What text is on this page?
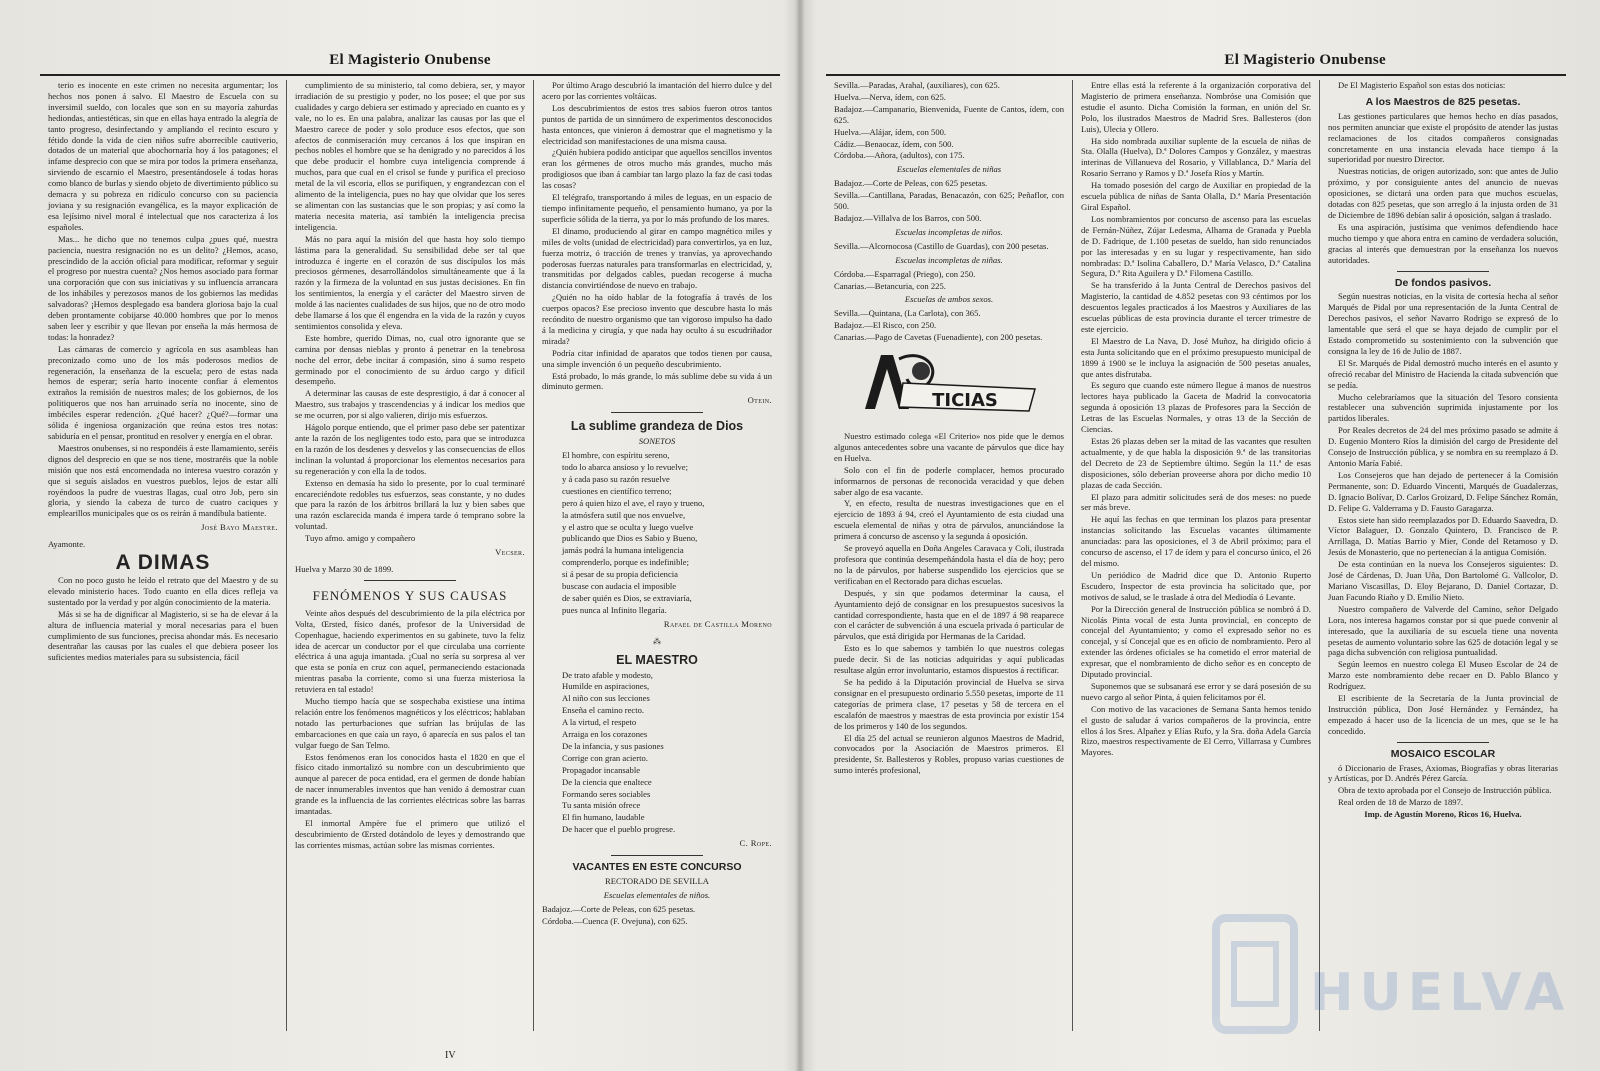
El Magisterio Onubense

terio es inocente en este crimen no necesita argumentar; los hechos nos ponen á salvo. El Maestro de Escuela con su inversimil sueldo, con locales que son en su mayoría zahurdas hediondas, antiestéticas, sin que en ellas haya entrado la alegría de tanto progreso, desinfectando y ampliando el recinto escuro y fétido donde la vida de cien niños sufre aborrecible cautiverio, dotados de un material que abochornaría hoy á los patagones; el infame desprecio con que se mira por todos la primera enseñanza, sirviendo de escarnio el Maestro, presentándosele á todas horas como blanco de burlas y siendo objeto de divertimiento público su demacra y su pobreza en ridículo concurso con su paciencia joviana y su resignación evangélica, es la mayor explicación de esa lejísimo nivel moral é intelectual que nos caracteriza á los españoles.

Mas... he dicho que no tenemos culpa ¿pues qué, nuestra paciencia, nuestra resignación no es un delito? ¿Hemos, acaso, prescindido de la acción oficial para modificar, reformar y seguir el progreso por nuestra cuenta? ¿Nos hemos asociado para formar una corporación que con sus iniciativas y su influencia arrancara de los inhábiles y perezosos manos de los gobiernos las medidas salvadoras? ¡Hemos desplegado esa bandera gloriosa bajo la cual deben prontamente cobijarse 40.000 hombres que por lo menos saben leer y escribir y que llevan por enseña la más hermosa de todas: la honradez?

Las cámaras de comercio y agrícola en sus asambleas han preconizado como uno de los más poderosos medios de regeneración, la enseñanza de la escuela; pero de estas nada hemos de esperar; sería harto inocente confiar á elementos extraños la remisión de nuestros males; de los gobiernos, de los politiqueros que nos han arruinado sería no inocente, sino de imbéciles esperar redención. ¿Qué hacer? ¿Qué?—formar una sólida é ingeniosa organización que reúna estos tres notas: sabiduría en el pensar, prontitud en resolver y energía en el obrar.

Maestros onubenses, si no respondéis á este llamamiento, seréis dignos del desprecio en que se nos tiene, mostraréis que la noble misión que nos está encomendada no interesa vuestro corazón y que si seguís aislados en vuestros pueblos, lejos de estar allí royéndoos la pudre de vuestras llagas, cual otro Job, pero sin gloria, y siendo la cabeza de turco de cuatro caciques y emplearillos municipales que os os reirán á mandíbula batiente.

José Bayo Maestre.

Ayamonte.

A DIMAS

Con no poco gusto he leído el retrato que del Maestro y de su elevado ministerio haces. Todo cuanto en ella dices refleja va sustentado por la verdad y por algún conocimiento de la materia.

Más si se ha de dignificar al Magisterio, si se ha de elevar á la altura de influencia material y moral necesarias para el buen cumplimiento de sus funciones, precisa ahondar más. Es necesario desentrañar las causas por las cuales el que debiera poseer los suficientes medios materiales para su subsistencia, fácil

cumplimiento de su ministerio, tal como debiera, ser, y mayor irradiación de su prestigio y poder, no los posee; el que por sus cualidades y cargo debiera ser estimado y apreciado en cuanto es y vale, no lo es. En una palabra, analizar las causas por las que el Maestro carece de poder y solo produce esos efectos, que son afectos de conmiseración muy cercanos á los que inspiran en pechos nobles el hombre que se ha denigrado y no parecidos á los que debe producir el hombre cuya inteligencia comprende á muchos, para que cual en el crisol se funde y purifica el precioso metal de la vil escoria, ellos se purifiquen, y engrandezcan con el alimento de la inteligencia, pues no hay que olvidar que los seres se alimentan con las sustancias que le son propias; y así como la materia necesita materia, así también la inteligencia precisa inteligencia.

Más no para aquí la misión del que hasta hoy solo tiempo lástima para la generalidad. Su sensibilidad debe ser tal que introduzca é ingerte en el corazón de sus discípulos los más preciosos gérmenes, desarrollándolos simultáneamente que á la razón y la firmeza de la voluntad en sus justas decisiones. En fin los sentimientos, la energía y el carácter del Maestro sirven de molde á las nacientes cualidades de sus hijos, que no de otro modo debe llamarse á los que él engendra en la vida de la razón y cuyos sentimientos consolida y eleva.

Este hombre, querido Dimas, no, cual otro ignorante que se camina por densas nieblas y pronto á penetrar en la tenebrosa noche del error, debe incitar á compasión, sino á sumo respeto germinado por el conocimiento de su árduo cargo y difícil desempeño.

A determinar las causas de este desprestigio, á dar á conocer al Maestro, sus trabajos y trascendencias y á indicar los medios que se me ocurren, por si algo valieren, dirijo mis esfuerzos.

Hágolo porque entiendo, que el primer paso debe ser patentizar ante la razón de los negligentes todo esto, para que se introduzca en la razón de los desdenes y desvelos y las consecuencias de ellos inclinan la voluntad á proporcionar los elementos necesarios para su regeneración y con ella la de todos.

Extenso en demasía ha sido lo presente, por lo cual terminaré encareciéndote redobles tus esfuerzos, seas constante, y no dudes que para la razón de los árbitros brillará la luz y bien sabes que una razón esclarecida manda é impera tarde ó temprano sobre la voluntad.

Tuyo afmo. amigo y compañero

Vecser.

Huelva y Marzo 30 de 1899.

FENÓMENOS Y SUS CAUSAS

Veinte años después del descubrimiento de la pila eléctrica por Volta, Œrsted, físico danés, profesor de la Universidad de Copenhague, haciendo experimentos en su gabinete, tuvo la feliz idea de acercar un conductor por el que circulaba una corriente eléctrica á una aguja imantada. ¡Cual no sería su sorpresa al ver que esta se ponía en cruz con aquel, permaneciendo estacionada mientras pasaba la corriente, como si una fuerza misteriosa la retuviera en tal estado!

Mucho tiempo hacía que se sospechaba existiese una íntima relación entre los fenómenos magnéticos y los eléctricos; hablaban notado las perturbaciones que sufrían las brújulas de las embarcaciones en que caía un rayo, ó aparecía en sus palos el tan vulgar fuego de San Telmo.

Estos fenómenos eran los conocidos hasta el 1820 en que el físico citado inmortalizó su nombre con un descubrimiento que aunque al parecer de poca entidad, era el germen de donde habían de nacer innumerables inventos que han venido á demostrar cuan grande es la influencia de las corrientes eléctricas sobre las barras imantadas.

El inmortal Ampère fue el primero que utilizó el descubrimiento de Œrsted dotándolo de leyes y demostrando que las corrientes mismas, actúan sobre las mismas corrientes.

Por último Arago descubrió la imantación del hierro dulce y del acero por las corrientes voltáicas.

Los descubrimientos de estos tres sabios fueron otros tantos puntos de partida de un sinnúmero de experimentos desconocidos hasta entonces, que vinieron á demostrar que el magnetismo y la electricidad son manifestaciones de una misma causa.

¿Quién hubiera podido anticipar que aquellos sencillos inventos eran los gérmenes de otros mucho más grandes, mucho más prodigiosos que iban á cambiar tan largo plazo la faz de casi todas las cosas?

El telégrafo, transportando á miles de leguas, en un espacio de tiempo infinitamente pequeño, el pensamiento humano, ya por la superficie sólida de la tierra, ya por lo más profundo de los mares.

El dinamo, produciendo al girar en campo magnético miles y miles de volts (unidad de electricidad) para convertirlos, ya en luz, fuerza motriz, ó tracción de trenes y tranvías, ya aprovechando poderosas fuerzas naturales para transformarlas en electricidad, y, transmitidas por delgados cables, puedan recogerse á mucha distancia convirtiéndose de nuevo en trabajo.

¿Quién no ha oído hablar de la fotografía á través de los cuerpos opacos? Ese precioso invento que descubre hasta lo más recóndito de nuestro organismo que tan vigoroso impulso ha dado á la medicina y cirugía, y que nada hay oculto á su escudriñador mirada?

Podría citar infinidad de aparatos que todos tienen por causa, una simple invención ó un pequeño descubrimiento.

Está probado, lo más grande, lo más sublime debe su vida á un diminuto germen.

Otein.
La sublime grandeza de Dios
SONETOS

El hombre, con espíritu sereno,

todo lo abarca ansioso y lo revuelve;

y á cada paso su razón resuelve

cuestiones en científico terreno;

pero á quien hizo el ave, el rayo y trueno,

la atmósfera sutil que nos envuelve,

y el astro que se oculta y luego vuelve

publicando que Dios es Sabio y Bueno,

jamás podrá la humana inteligencia

comprenderlo, porque es indefinible;

si á pesar de su propia deficiencia

buscase con audacia el imposible

de saber quién es Dios, se extraviaría,

pues nunca al Infinito llegaría.

Rafael de Castilla Moreno
⁂
EL MAESTRO

De trato afable y modesto,

Humilde en aspiraciones,

Al niño con sus lecciones

Enseña el camino recto.

A la virtud, el respeto

Arraiga en los corazones

De la infancia, y sus pasiones

Corrige con gran acierto.

Propagador incansable

De la ciencia que enaltece

Formando seres sociables

Tu santa misión ofrece

El fin humano, laudable

De hacer que el pueblo progrese.

C. Rope.
VACANTES EN ESTE CONCURSO
RECTORADO DE SEVILLA
Escuelas elementales de niños.

Badajoz.—Corte de Peleas, con 625 pesetas.

Córdoba.—Cuenca (F. Ovejuna), con 625.

IV
El Magisterio Onubense

Sevilla.—Paradas, Arahal, (auxiliares), con 625.

Huelva.—Nerva, ídem, con 625.

Badajoz.—Campanario, Bienvenida, Fuente de Cantos, ídem, con 625.

Huelva.—Alájar, ídem, con 500.

Cádiz.—Benaocaz, ídem, con 500.

Córdoba.—Añora, (adultos), con 175.

Escuelas elementales de niñas

Badajoz.—Corte de Peleas, con 625 pesetas.

Sevilla.—Cantillana, Paradas, Benacazón, con 625; Peñaflor, con 500.

Badajoz.—Villalva de los Barros, con 500.

Escuelas incompletas de niños.

Sevilla.—Alcornocosa (Castillo de Guardas), con 200 pesetas.

Escuelas incompletas de niñas.

Córdoba.—Esparragal (Priego), con 250.

Canarias.—Betancuria, con 225.

Escuelas de ambos sexos.

Sevilla.—Quintana, (La Carlota), con 365.

Badajoz.—El Risco, con 250.

Canarias.—Pago de Cavetas (Fuenadiente), con 200 pesetas.

TICIAS

Nuestro estimado colega «El Criterio» nos pide que le demos algunos antecedentes sobre una vacante de párvulos que dice hay en Huelva.

Solo con el fin de poderle complacer, hemos procurado informarnos de personas de reconocida veracidad y que deben saber algo de esa vacante.

Y, en efecto, resulta de nuestras investigaciones que en el ejercicio de 1893 á 94, creó el Ayuntamiento de esta ciudad una escuela elemental de niñas y otra de párvulos, anunciándose la primera á concurso de ascenso y la segunda á oposición.

Se proveyó aquella en Doña Angeles Caravaca y Coli, ilustrada profesora que continúa desempeñándola hasta el día de hoy; pero no la de párvulos, por haberse suspendido los ejercicios que se verificaban en el Rectorado para dichas escuelas.

Después, y sin que podamos determinar la causa, el Ayuntamiento dejó de consignar en los presupuestos sucesivos la cantidad correspondiente, hasta que en el de 1897 á 98 reaparece con el carácter de subvención á una escuela privada ó particular de párvulos, que está dirigida por Hermanas de la Caridad.

Esto es lo que sabemos y también lo que nuestros colegas puede decir. Si de las noticias adquiridas y aquí publicadas resultase algún error involuntario, estamos dispuestos á rectificar.

Se ha pedido á la Diputación provincial de Huelva se sirva consignar en el presupuesto ordinario 5.550 pesetas, importe de 11 categorías de primera clase, 17 pesetas y 58 de tercera en el escalafón de maestros y maestras de esta provincia por existir 154 de los primeros y 140 de los segundos.

El día 25 del actual se reunieron algunos Maestros de Madrid, convocados por la Asociación de Maestros primeros. El presidente, Sr. Ballesteros y Robles, propuso varias cuestiones de sumo interés profesional,

Entre ellas está la referente á la organización corporativa del Magisterio de primera enseñanza. Nombróse una Comisión que estudie el asunto. Dicha Comisión la forman, en unión del Sr. Polo, los ilustrados Maestros de Madrid Sres. Ballesteros (don Luis), Ulecia y Ollero.

Ha sido nombrada auxiliar suplente de la escuela de niñas de Sta. Olalla (Huelva), D.ª Dolores Campos y González, y maestras interinas de Villanueva del Rosario, y Villablanca, D.ª María del Rosario Serrano y Ramos y D.ª Josefa Ríos y Martín.

Ha tomado posesión del cargo de Auxiliar en propiedad de la escuela pública de niñas de Santa Olalla, D.ª María Presentación Giral Español.

Los nombramientos por concurso de ascenso para las escuelas de Fernán-Núñez, Zújar Ledesma, Alhama de Granada y Puebla de D. Fadrique, de 1.100 pesetas de sueldo, han sido renunciados por las interesadas y en su lugar y respectivamente, han sido nombradas: D.ª Isolina Caballero, D.ª María Velasco, D.ª Catalina Segura, D.ª Rita Aguilera y D.ª Filomena Castillo.

Se ha transferido á la Junta Central de Derechos pasivos del Magisterio, la cantidad de 4.852 pesetas con 93 céntimos por los descuentos legales practicados á los Maestros y Auxiliares de las escuelas públicas de esta provincia durante el tercer trimestre de este ejercicio.

El Maestro de La Nava, D. José Muñoz, ha dirigido oficio á esta Junta solicitando que en el próximo presupuesto municipal de 1899 á 1900 se le incluya la asignación de 500 pesetas anuales, que antes disfrutaba.

Es seguro que cuando este número llegue á manos de nuestros lectores haya publicado la Gaceta de Madrid la convocatoria segunda á oposición 13 plazas de Profesores para la Sección de Letras de las Escuelas Normales, y otras 13 de la Sección de Ciencias.

Estas 26 plazas deben ser la mitad de las vacantes que resulten actualmente, y de que habla la disposición 9.ª de las transitorias del Decreto de 23 de Septiembre último. Según la 11.ª de esas disposiciones, sólo deberían proveerse ahora por dicho medio 10 plazas de cada Sección.

El plazo para admitir solicitudes será de dos meses: no puede ser más breve.

He aquí las fechas en que terminan los plazos para presentar instancias solicitando las Escuelas vacantes últimamente anunciadas: para las oposiciones, el 3 de Abril próximo; para el concurso de ascenso, el 17 de ídem y para el concurso único, el 26 del mismo.

Un periódico de Madrid dice que D. Antonio Ruperto Escudero, Inspector de esta provincia ha solicitado que, por motivos de salud, se le traslade á otra del Mediodía ó Levante.

Por la Dirección general de Instrucción pública se nombró á D. Nicolás Pinta vocal de esta Junta provincial, en concepto de concejal del Ayuntamiento; y como el expresado señor no es concejal, y sí Concejal que es en oficio de nombramiento. Pero al extender las órdenes oficiales se ha cometido el error material de expresar, que el nombramiento de dicho señor es en concepto de Diputado provincial.

Suponemos que se subsanará ese error y se dará posesión de su nuevo cargo al señor Pinta, á quien felicitamos por él.

Con motivo de las vacaciones de Semana Santa hemos tenido el gusto de saludar á varios compañeros de la provincia, entre ellos á los Sres. Alpañez y Elías Rufo, y la Sra. doña Adela García Rizo, maestros respectivamente de El Cerro, Villarrasa y Cumbres Mayores.

De El Magisterio Español son estas dos noticias:

A los Maestros de 825 pesetas.

Las gestiones particulares que hemos hecho en días pasados, nos permiten anunciar que existe el propósito de atender las justas reclamaciones de los citados compañeros consignadas concretamente en una instancia elevada hace tiempo á la superioridad por nuestro Director.

Nuestras noticias, de origen autorizado, son: que antes de Julio próximo, y por consiguiente antes del anuncio de nuevas oposiciones, se dictará una orden para que muchos escuelas, dotadas con 825 pesetas, que son arreglo á la injusta orden de 31 de Diciembre de 1896 debían salir á oposición, salgan á traslado.

Es una aspiración, justísima que venimos defendiendo hace mucho tiempo y que ahora entra en camino de verdadera solución, gracias al interés que demuestran por la enseñanza los nuevos autoridades.

De fondos pasivos.

Según nuestras noticias, en la visita de cortesía hecha al señor Marqués de Pidal por una representación de la Junta Central de Derechos pasivos, el señor Navarro Rodrigo se expresó de lo lamentable que será el que se haya dejado de cumplir por el Estado comprometido su sostenimiento con la subvención que consigna la ley de 16 de Julio de 1887.

El Sr. Marqués de Pidal demostró mucho interés en el asunto y ofreció recabar del Ministro de Hacienda la citada subvención que se pedía.

Mucho celebraríamos que la situación del Tesoro consienta restablecer una subvención suprimida injustamente por los partidos liberales.

Por Reales decretos de 24 del mes próximo pasado se admite á D. Eugenio Montero Ríos la dimisión del cargo de Presidente del Consejo de Instrucción pública, y se nombra en su reemplazo á D. Antonio María Fabié.

Los Consejeros que han dejado de pertenecer á la Comisión Permanente, son: D. Eduardo Vincenti, Marqués de Guadalerzas, D. Ignacio Bolívar, D. Carlos Groizard, D. Felipe Sánchez Román, D. Felipe G. Valderrama y D. Fausto Garagarza.

Estos siete han sido reemplazados por D. Eduardo Saavedra, D. Víctor Balaguer, D. Gonzalo Quintero, D. Francisco de P. Arrillaga, D. Matías Barrio y Mier, Conde del Retamoso y D. Jesús de Monasterio, que no pertenecían á la antigua Comisión.

De esta continúan en la nueva los Consejeros siguientes: D. José de Cárdenas, D. Juan Uña, Don Bartolomé G. Vallcolor, D. Mariano Viscasillas, D. Eloy Bejarano, D. Daniel Cortazar, D. Juan Facundo Riaño y D. Emilio Nieto.

Nuestro compañero de Valverde del Camino, señor Delgado Lora, nos interesa hagamos constar por si que puede convenir al interesado, que la auxiliaría de su escuela tiene una noventa pesetas de aumento voluntario sobre las 625 de dotación legal y se paga dicha subvención con religiosa puntualidad.

Según leemos en nuestro colega El Museo Escolar de 24 de Marzo este nombramiento debe recaer en D. Pablo Blanco y Rodríguez.

El escribiente de la Secretaría de la Junta provincial de Instrucción pública, Don José Hernández y Fernández, ha empezado á hacer uso de la licencia de un mes, que se le ha concedido.

MOSAICO ESCOLAR

ó Diccionario de Frases, Axiomas, Biografías y obras literarias y Artísticas, por D. Andrés Pérez García.

Obra de texto aprobada por el Consejo de Instrucción pública.

Real orden de 18 de Marzo de 1897.

Imp. de Agustín Moreno, Ricos 16, Huelva.

HUELVA
